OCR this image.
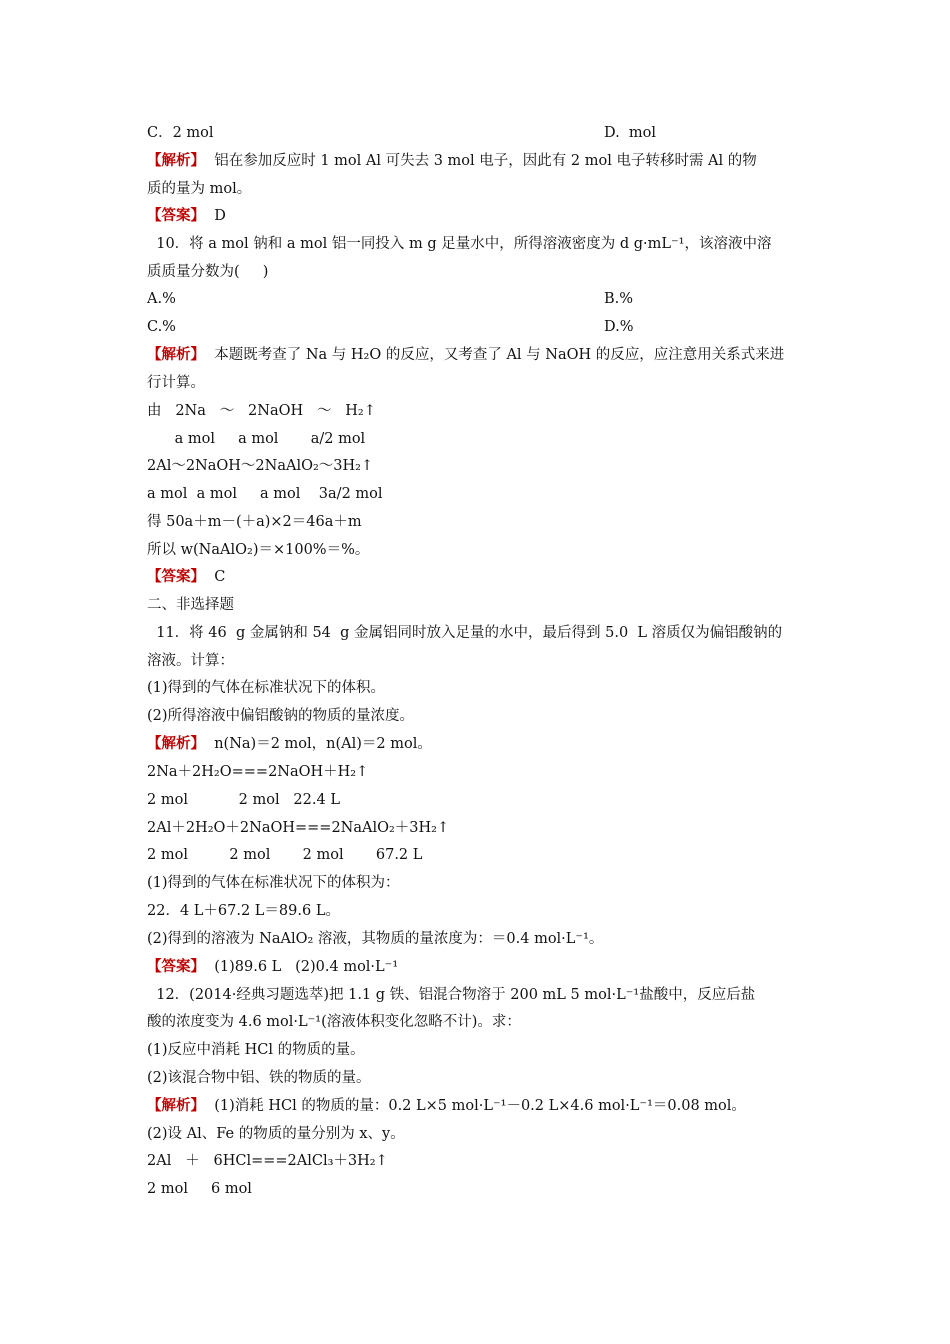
C．2 mol	D.  mol
【解析】  铝在参加反应时 1 mol Al 可失去 3 mol 电子，因此有 2 mol 电子转移时需 Al 的物
质的量为 mol。
【答案】  D
10．将 a mol 钠和 a mol 铝一同投入 m g 足量水中，所得溶液密度为 d g·mL⁻¹，该溶液中溶
质质量分数为(     )
A.%	B.%
C.%	D.%
【解析】  本题既考查了 Na 与 H₂O 的反应，又考查了 Al 与 NaOH 的反应，应注意用关系式来进
行计算。
由   2Na   ～   2NaOH   ～   H₂↑
a mol     a mol       a/2 mol
2Al～2NaOH～2NaAlO₂～3H₂↑
a mol  a mol     a mol    3a/2 mol
得 50a＋m－(＋a)×2＝46a＋m
所以 w(NaAlO₂)＝×100%＝%。
【答案】  C
二、非选择题
11．将 46  g 金属钠和 54  g 金属铝同时放入足量的水中，最后得到 5.0  L 溶质仅为偏铝酸钠的
溶液。计算：
(1)得到的气体在标准状况下的体积。
(2)所得溶液中偏铝酸钠的物质的量浓度。
【解析】  n(Na)＝2 mol，n(Al)＝2 mol。
2Na＋2H₂O===2NaOH＋H₂↑
2 mol           2 mol   22.4 L
2Al＋2H₂O＋2NaOH===2NaAlO₂＋3H₂↑
2 mol         2 mol       2 mol       67.2 L
(1)得到的气体在标准状况下的体积为：
22．4 L＋67.2 L＝89.6 L。
(2)得到的溶液为 NaAlO₂ 溶液，其物质的量浓度为：＝0.4 mol·L⁻¹。
【答案】  (1)89.6 L   (2)0.4 mol·L⁻¹
12．(2014·经典习题选萃)把 1.1 g 铁、铝混合物溶于 200 mL 5 mol·L⁻¹盐酸中，反应后盐
酸的浓度变为 4.6 mol·L⁻¹(溶液体积变化忽略不计)。求：
(1)反应中消耗 HCl 的物质的量。
(2)该混合物中铝、铁的物质的量。
【解析】  (1)消耗 HCl 的物质的量：0.2 L×5 mol·L⁻¹－0.2 L×4.6 mol·L⁻¹＝0.08 mol。
(2)设 Al、Fe 的物质的量分别为 x、y。
2Al   ＋   6HCl===2AlCl₃＋3H₂↑
2 mol     6 mol
